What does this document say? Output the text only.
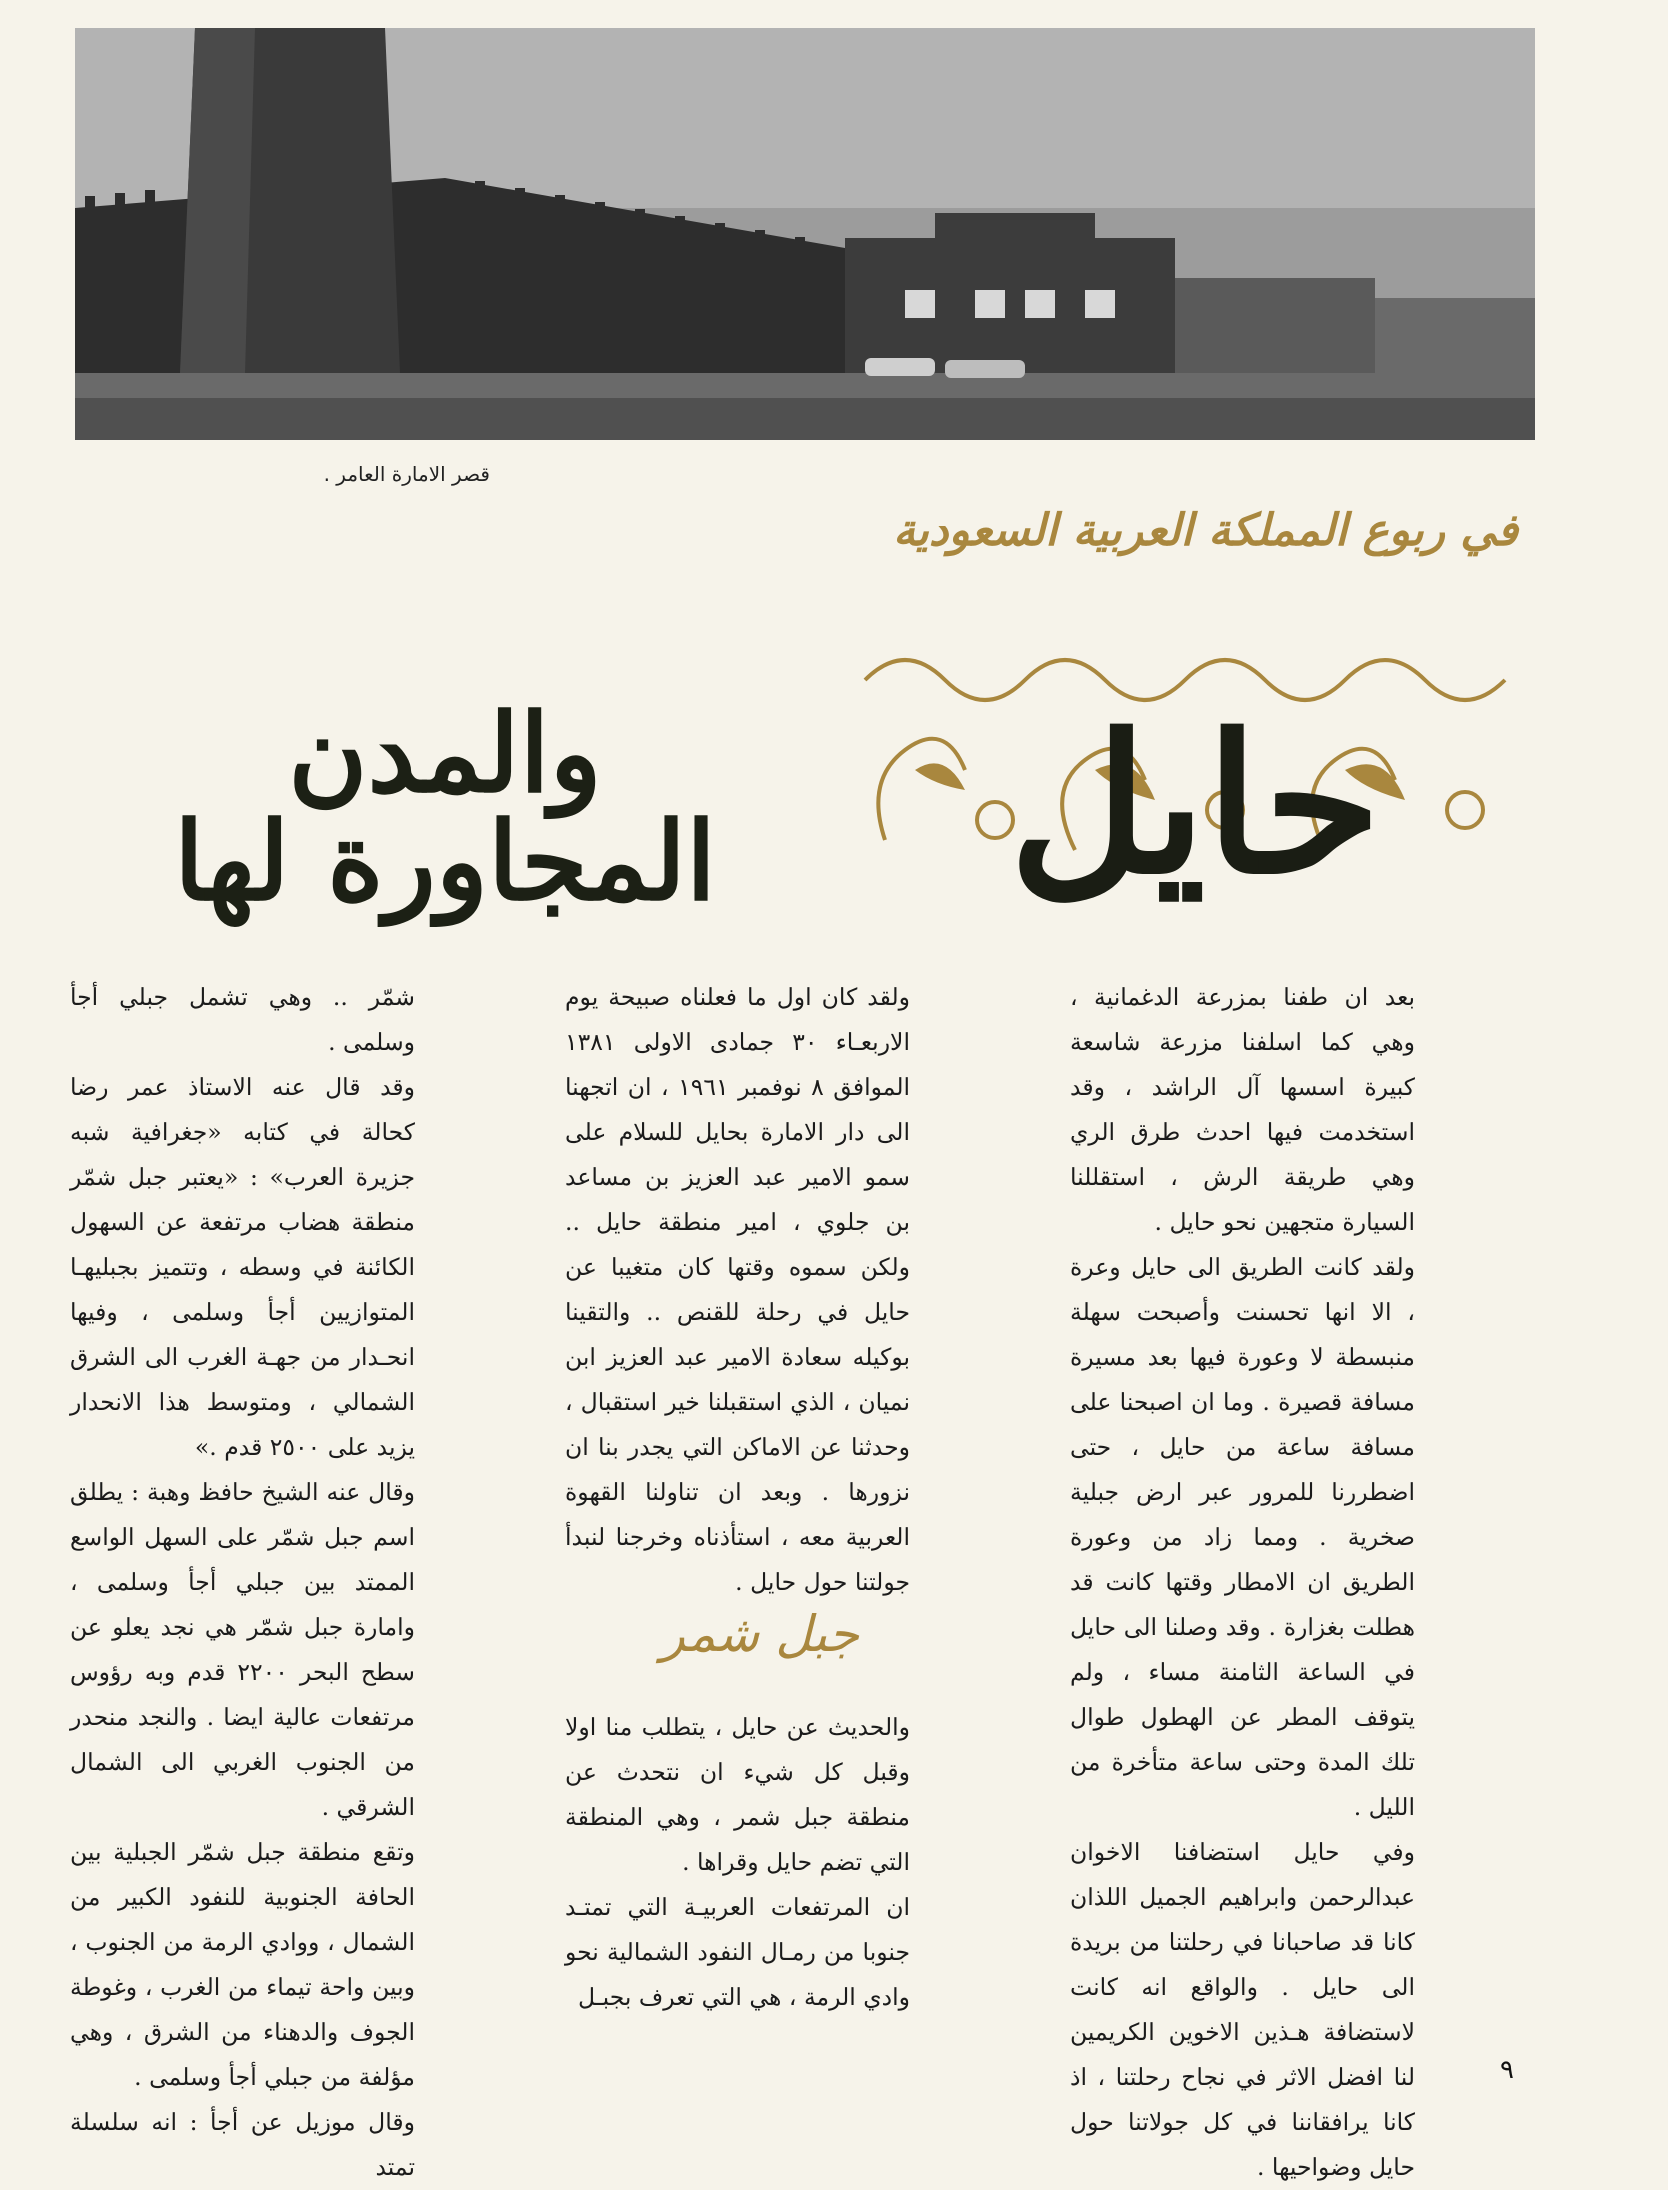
قصر الامارة العامر .
في ربوع المملكة العربية السعودية
حايل
والمدن المجاورة لها

بعد ان طفنا بمزرعة الدغمانية ، وهي كما اسلفنا مزرعة شاسعة كبيرة اسسها آل الراشد ، وقد استخدمت فيها احدث طرق الري وهي طريقة الرش ، استقللنا السيارة متجهين نحو حايل .

ولقد كانت الطريق الى حايل وعرة ، الا انها تحسنت وأصبحت سهلة منبسطة لا وعورة فيها بعد مسيرة مسافة قصيرة . وما ان اصبحنا على مسافة ساعة من حايل ، حتى اضطررنا للمرور عبر ارض جبلية صخرية . ومما زاد من وعورة الطريق ان الامطار وقتها كانت قد هطلت بغزارة . وقد وصلنا الى حايل في الساعة الثامنة مساء ، ولم يتوقف المطر عن الهطول طوال تلك المدة وحتى ساعة متأخرة من الليل .

وفي حايل استضافنا الاخوان عبدالرحمن وابراهيم الجميل اللذان كانا قد صاحبانا في رحلتنا من بريدة الى حايل . والواقع انه كانت لاستضافة هـذين الاخوين الكريمين لنا افضل الاثر في نجاح رحلتنا ، اذ كانا يرافقاننا في كل جولاتنا حول حايل وضواحيها .

ولقد كان اول ما فعلناه صبيحة يوم الاربعـاء ٣٠ جمادى الاولى ١٣٨١ الموافق ٨ نوفمبر ١٩٦١ ، ان اتجهنا الى دار الامارة بحايل للسلام على سمو الامير عبد العزيز بن مساعد بن جلوي ، امير منطقة حايل .. ولكن سموه وقتها كان متغيبا عن حايل في رحلة للقنص .. والتقينا بوكيله سعادة الامير عبد العزيز ابن نميان ، الذي استقبلنا خير استقبال ، وحدثنا عن الاماكن التي يجدر بنا ان نزورها . وبعد ان تناولنا القهوة العربية معه ، استأذناه وخرجنا لنبدأ جولتنا حول حايل .

جبل شمر

والحديث عن حايل ، يتطلب منا اولا وقبل كل شيء ان نتحدث عن منطقة جبل شمر ، وهي المنطقة التي تضم حايل وقراها .

ان المرتفعات العربيـة التي تمتـد جنوبا من رمـال النفود الشمالية نحو وادي الرمة ، هي التي تعرف بجبـل

شمّر .. وهي تشمل جبلي أجأ وسلمى .

وقد قال عنه الاستاذ عمر رضا كحالة في كتابه «جغرافية شبه جزيرة العرب» : «يعتبر جبل شمّر منطقة هضاب مرتفعة عن السهول الكائنة في وسطه ، وتتميز بجبليهـا المتوازيين أجأ وسلمى ، وفيها انحـدار من جهـة الغرب الى الشرق الشمالي ، ومتوسط هذا الانحدار يزيد على ٢٥٠٠ قدم .»

وقال عنه الشيخ حافظ وهبة : يطلق اسم جبل شمّر على السهل الواسع الممتد بين جبلي أجأ وسلمى ، وامارة جبل شمّر هي نجد يعلو عن سطح البحر ٢٢٠٠ قدم وبه رؤوس مرتفعات عالية ايضا . والنجد منحدر من الجنوب الغربي الى الشمال الشرقي .

وتقع منطقة جبل شمّر الجبلية بين الحافة الجنوبية للنفود الكبير من الشمال ، ووادي الرمة من الجنوب ، وبين واحة تيماء من الغرب ، وغوطة الجوف والدهناء من الشرق ، وهي مؤلفة من جبلي أجأ وسلمى .

وقال موزيل عن أجأ : انه سلسلة تمتد

٩
